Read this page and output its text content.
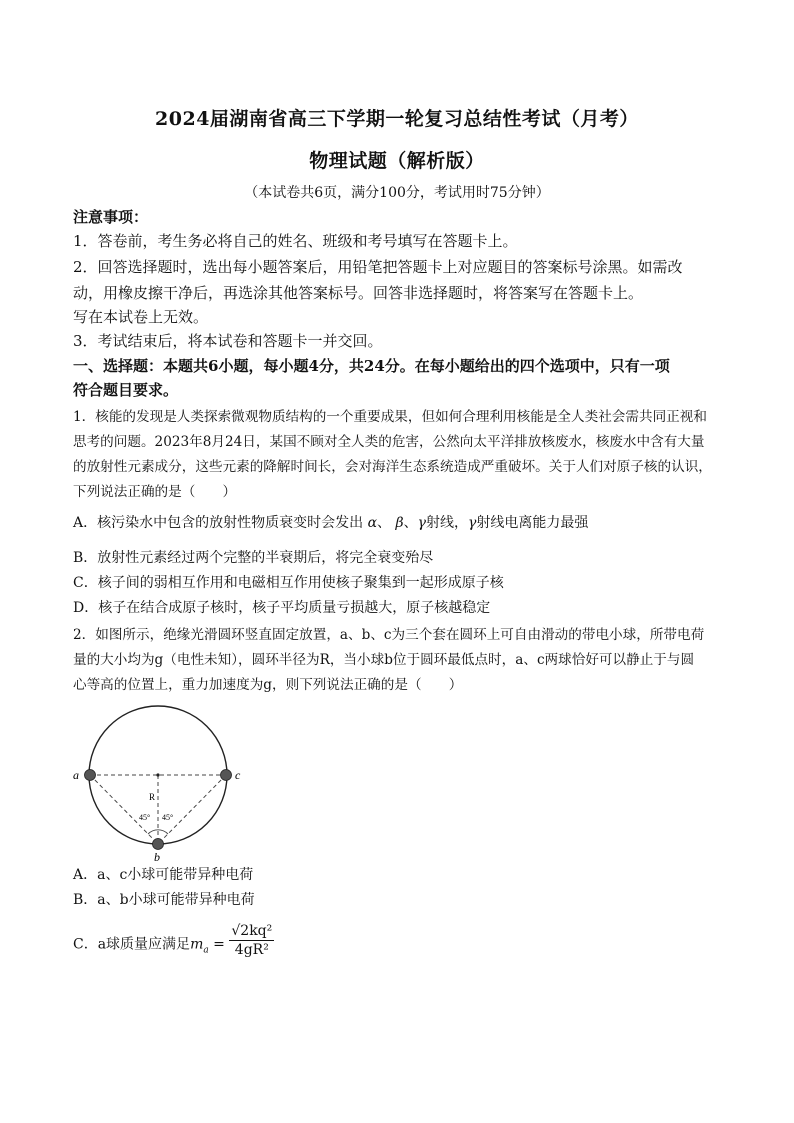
2024届湖南省高三下学期一轮复习总结性考试（月考）
物理试题（解析版）
（本试卷共6页，满分100分，考试用时75分钟）
注意事项：
1．答卷前，考生务必将自己的姓名、班级和考号填写在答题卡上。
2．回答选择题时，选出每小题答案后，用铅笔把答题卡上对应题目的答案标号涂黑。如需改
动，用橡皮擦干净后，再选涂其他答案标号。回答非选择题时，将答案写在答题卡上。
写在本试卷上无效。
3．考试结束后，将本试卷和答题卡一并交回。
一、选择题：本题共6小题，每小题4分，共24分。在每小题给出的四个选项中，只有一项
符合题目要求。
1．核能的发现是人类探索微观物质结构的一个重要成果，但如何合理利用核能是全人类社会需共同正视和
思考的问题。2023年8月24日，某国不顾对全人类的危害，公然向太平洋排放核废水，核废水中含有大量
的放射性元素成分，这些元素的降解时间长，会对海洋生态系统造成严重破坏。关于人们对原子核的认识，
下列说法正确的是（　　）
A．核污染水中包含的放射性物质衰变时会发出 α、 β、γ射线，γ射线电离能力最强
B．放射性元素经过两个完整的半衰期后，将完全衰变殆尽
C．核子间的弱相互作用和电磁相互作用使核子聚集到一起形成原子核
D．核子在结合成原子核时，核子平均质量亏损越大，原子核越稳定
2．如图所示，绝缘光滑圆环竖直固定放置，a、b、c为三个套在圆环上可自由滑动的带电小球，所带电荷
量的大小均为g（电性未知），圆环半径为R，当小球b位于圆环最低点时，a、c两球恰好可以静止于与圆
心等高的位置上，重力加速度为g，则下列说法正确的是（　　）
a	c
b
R
45° 45°
A．a、c小球可能带异种电荷
B．a、b小球可能带异种电荷
C．a球质量应满足$m_a = \frac{\text{√2kq²}}{\text{4gR²}}$
